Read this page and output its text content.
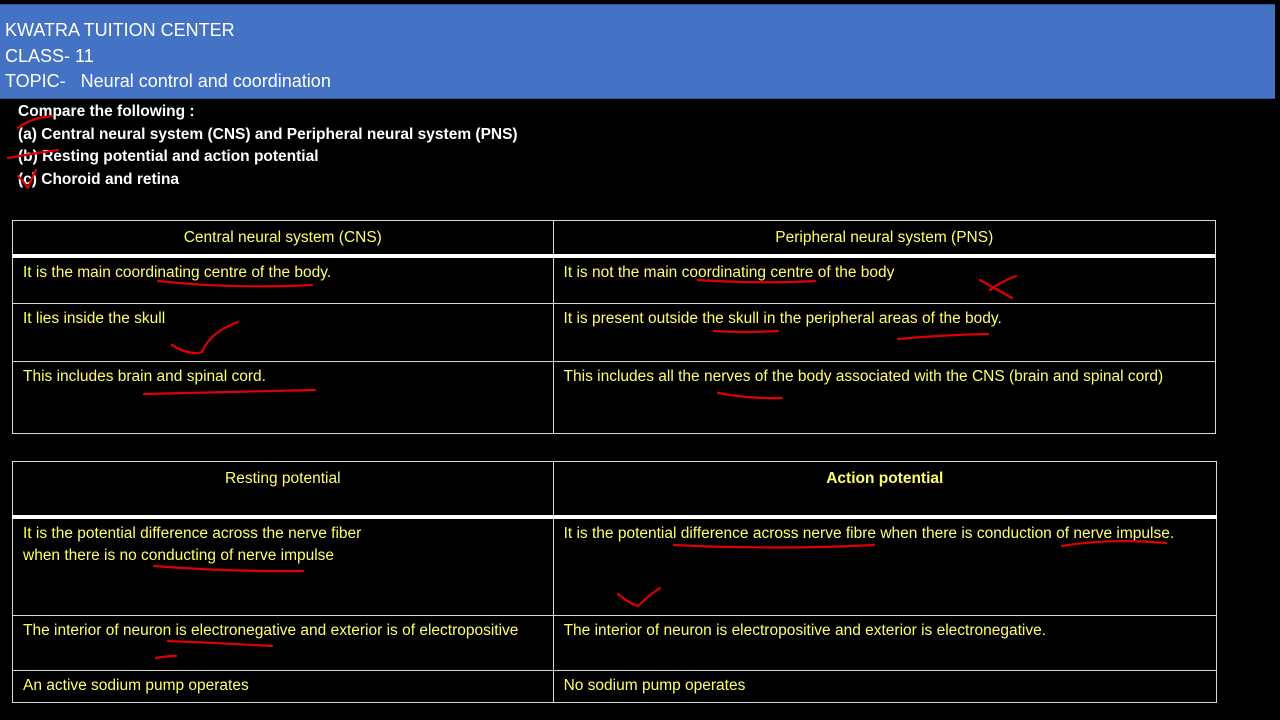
KWATRA TUITION CENTER
CLASS- 11
TOPIC-   Neural control and coordination
Compare the following :
(a) Central neural system (CNS) and Peripheral neural system (PNS)
(b) Resting potential and action potential
(c) Choroid and retina
Central neural system (CNS)	Peripheral neural system (PNS)
It is the main coordinating centre of the body.	It is not the main coordinating centre of the body
It lies inside the skull	It is present outside the skull in the peripheral areas of the body.
This includes brain and spinal cord.	This includes all the nerves of the body associated with the CNS (brain and spinal cord)
Resting potential	Action potential
It is the potential difference across the nerve fiber
when there is no conducting of nerve impulse	It is the potential difference across nerve fibre when there is conduction of nerve impulse.
The interior of neuron is electronegative and exterior is of electropositive	The interior of neuron is electropositive and exterior is electronegative.
An active sodium pump operates	No sodium pump operates
